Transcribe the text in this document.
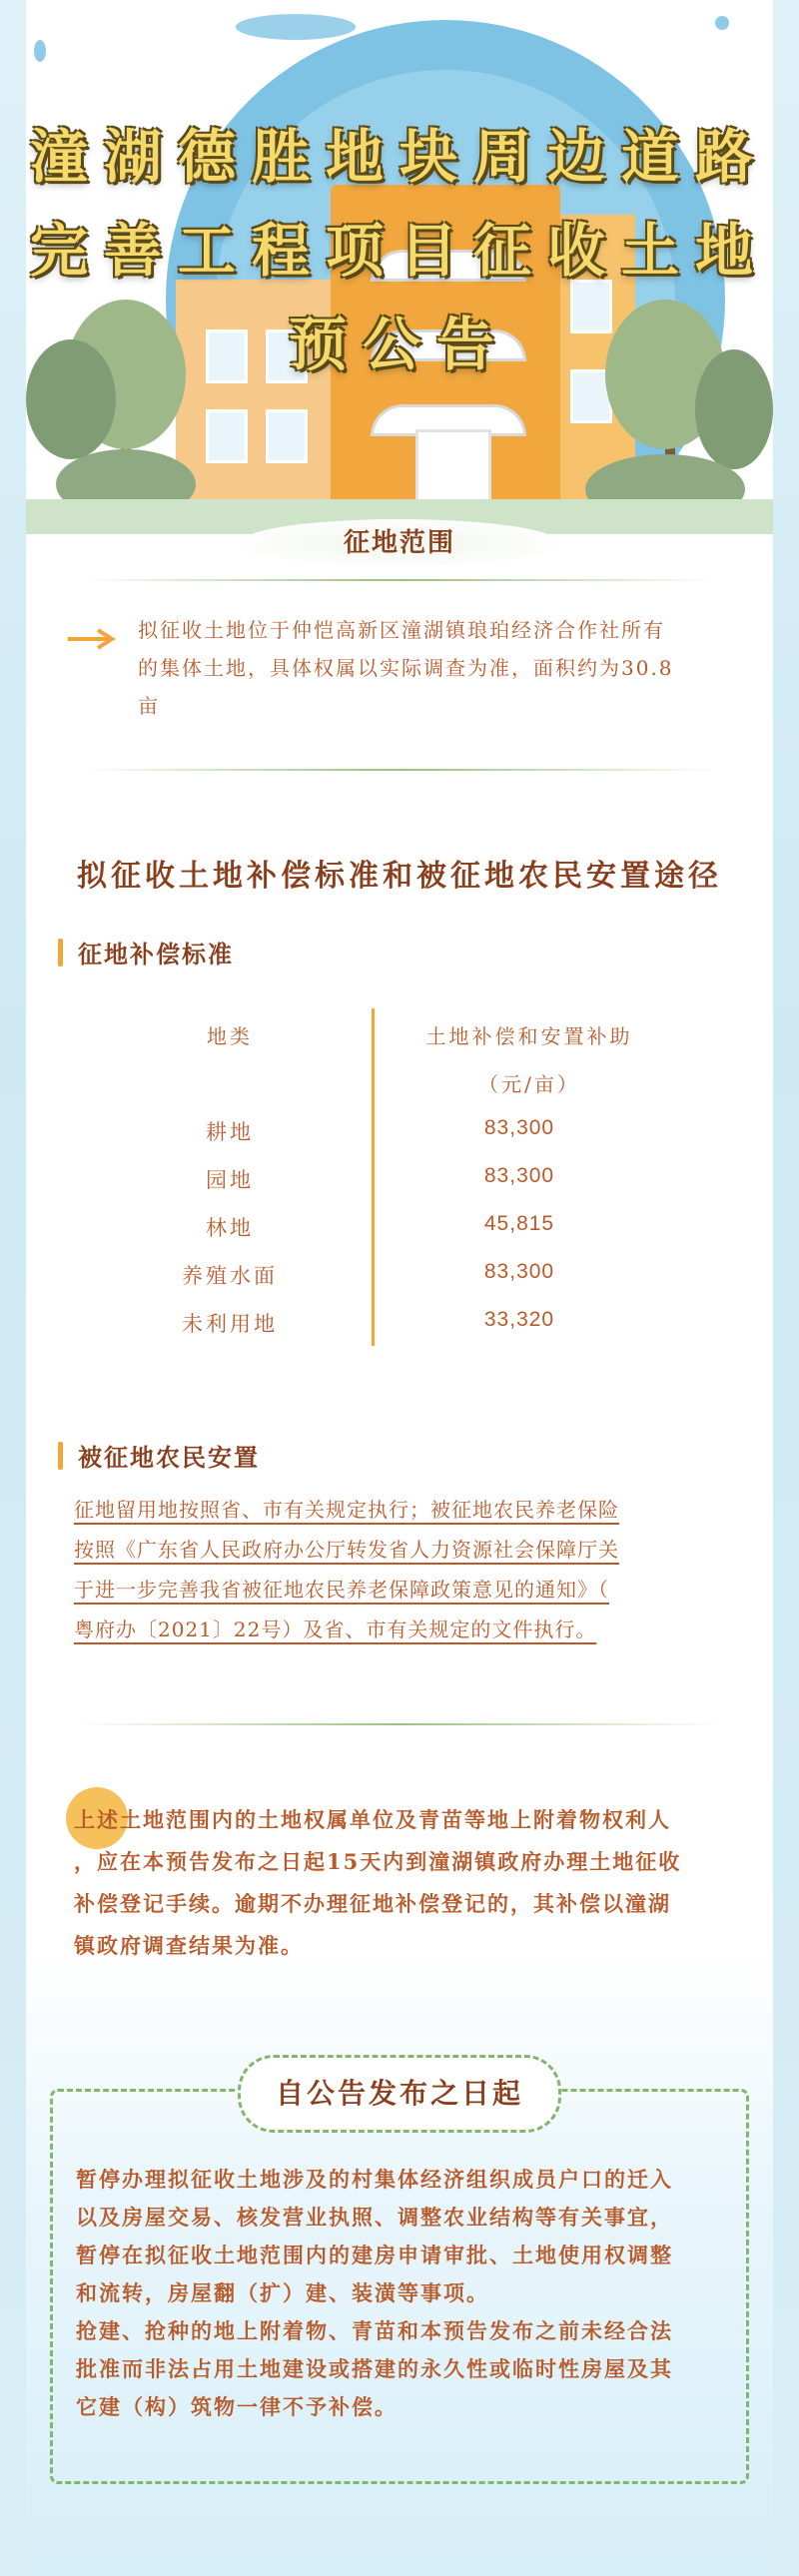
潼湖德胜地块周边道路
完善工程项目征收土地
预公告
征地范围
拟征收土地位于仲恺高新区潼湖镇琅珀经济合作社所有
的集体土地，具体权属以实际调查为准，面积约为30.8
亩
拟征收土地补偿标准和被征地农民安置途径
征地补偿标准
地类	土地补偿和安置补助
（元/亩）
耕地	83,300
园地	83,300
林地	45,815
养殖水面	83,300
未利用地	33,320
被征地农民安置
征地留用地按照省、市有关规定执行；被征地农民养老保险
按照《广东省人民政府办公厅转发省人力资源社会保障厅关
于进一步完善我省被征地农民养老保障政策意见的通知》（
粤府办〔2021〕22号）及省、市有关规定的文件执行。
上述土地范围内的土地权属单位及青苗等地上附着物权利人
，应在本预告发布之日起15天内到潼湖镇政府办理土地征收
补偿登记手续。逾期不办理征地补偿登记的，其补偿以潼湖
镇政府调查结果为准。
自公告发布之日起
暂停办理拟征收土地涉及的村集体经济组织成员户口的迁入
以及房屋交易、核发营业执照、调整农业结构等有关事宜，
暂停在拟征收土地范围内的建房申请审批、土地使用权调整
和流转，房屋翻（扩）建、装潢等事项。
抢建、抢种的地上附着物、青苗和本预告发布之前未经合法
批准而非法占用土地建设或搭建的永久性或临时性房屋及其
它建（构）筑物一律不予补偿。
